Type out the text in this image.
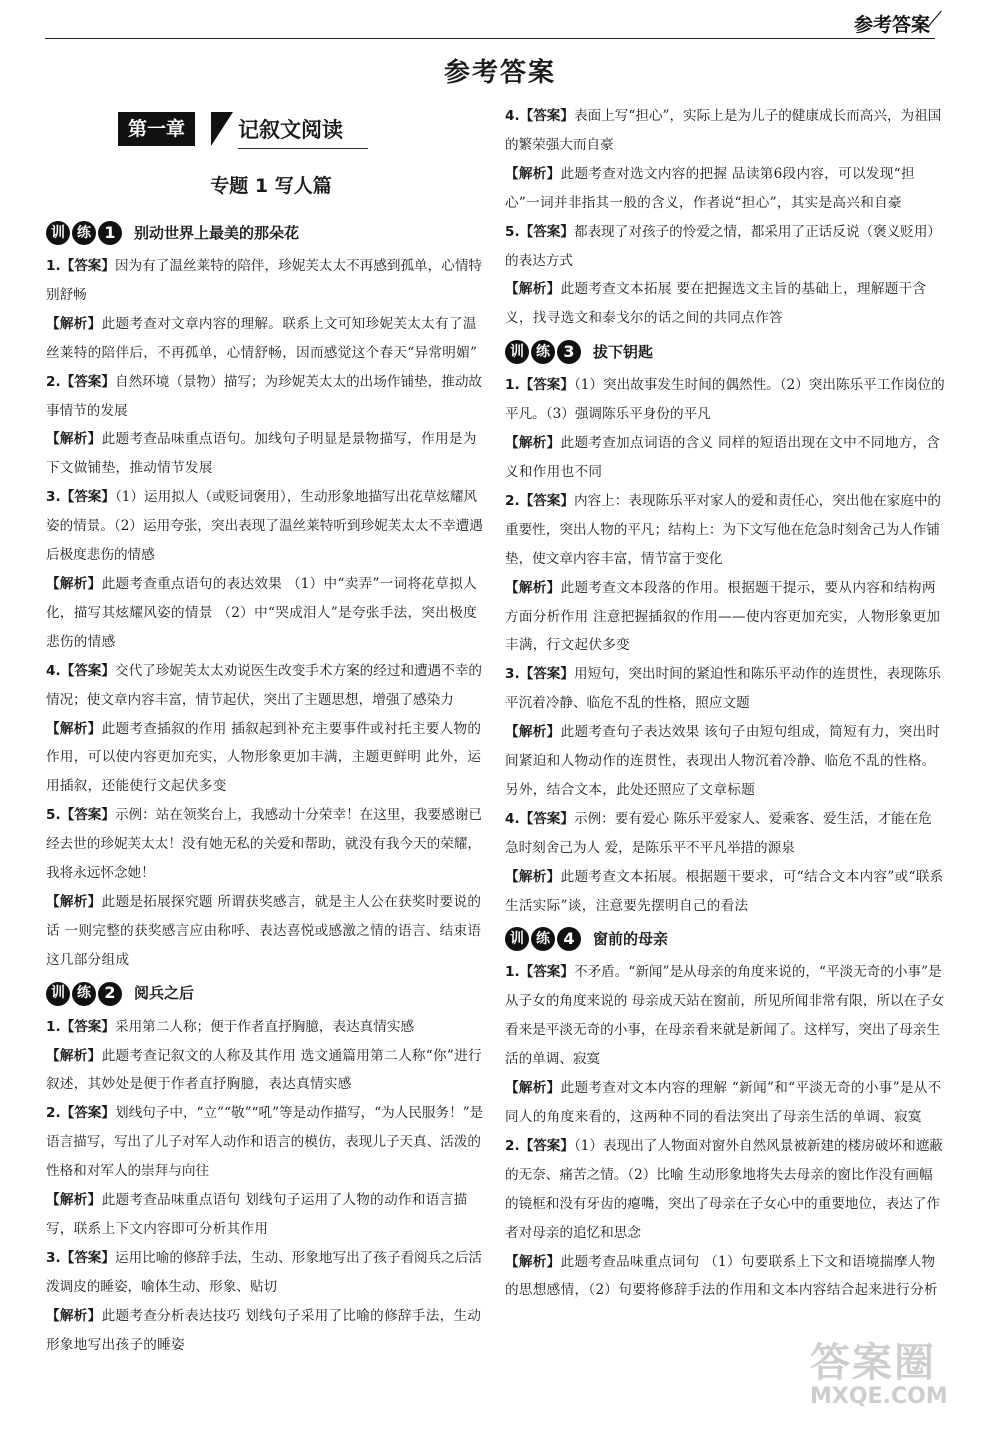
参考答案
⟋
参考答案
第一章	记叙文阅读
专题 1 写人篇
训 练 1	别动世界上最美的那朵花

1.【答案】因为有了温丝莱特的陪伴，珍妮芙太太不再感到孤单，心情特别舒畅

【解析】此题考查对文章内容的理解。联系上文可知珍妮芙太太有了温丝莱特的陪伴后，不再孤单，心情舒畅，因而感觉这个春天“异常明媚”

2.【答案】自然环境（景物）描写；为珍妮芙太太的出场作铺垫，推动故事情节的发展

【解析】此题考查品味重点语句。加线句子明显是景物描写，作用是为下文做铺垫，推动情节发展

3.【答案】（1）运用拟人（或贬词褒用），生动形象地描写出花草炫耀风姿的情景。（2）运用夸张，突出表现了温丝莱特听到珍妮芙太太不幸遭遇后极度悲伤的情感

【解析】此题考查重点语句的表达效果 （1）中“卖弄”一词将花草拟人化，描写其炫耀风姿的情景 （2）中“哭成泪人”是夸张手法，突出极度悲伤的情感

4.【答案】交代了珍妮芙太太劝说医生改变手术方案的经过和遭遇不幸的情况；使文章内容丰富，情节起伏，突出了主题思想，增强了感染力

【解析】此题考查插叙的作用 插叙起到补充主要事件或衬托主要人物的作用，可以使内容更加充实，人物形象更加丰满，主题更鲜明 此外，运用插叙，还能使行文起伏多变

5.【答案】示例：站在领奖台上，我感动十分荣幸！在这里，我要感谢已经去世的珍妮芙太太！没有她无私的关爱和帮助，就没有我今天的荣耀，我将永远怀念她！

【解析】此题是拓展探究题 所谓获奖感言，就是主人公在获奖时要说的话 一则完整的获奖感言应由称呼、表达喜悦或感激之情的语言、结束语这几部分组成

训 练 2	阅兵之后

1.【答案】采用第二人称；便于作者直抒胸臆，表达真情实感

【解析】此题考查记叙文的人称及其作用 选文通篇用第二人称“你”进行叙述，其妙处是便于作者直抒胸臆，表达真情实感

2.【答案】划线句子中，“立”“敬”“吼”等是动作描写，“为人民服务！”是语言描写，写出了儿子对军人动作和语言的模仿，表现儿子天真、活泼的性格和对军人的崇拜与向往

【解析】此题考查品味重点语句 划线句子运用了人物的动作和语言描写，联系上下文内容即可分析其作用

3.【答案】运用比喻的修辞手法，生动、形象地写出了孩子看阅兵之后活泼调皮的睡姿，喻体生动、形象、贴切

【解析】此题考查分析表达技巧 划线句子采用了比喻的修辞手法，生动形象地写出孩子的睡姿

4.【答案】表面上写“担心”，实际上是为儿子的健康成长而高兴，为祖国的繁荣强大而自豪

【解析】此题考查对选文内容的把握 品读第6段内容，可以发现“担心”一词并非指其一般的含义，作者说“担心”，其实是高兴和自豪

5.【答案】都表现了对孩子的怜爱之情，都采用了正话反说（褒义贬用）的表达方式

【解析】此题考查文本拓展 要在把握选文主旨的基础上，理解题干含义，找寻选文和泰戈尔的话之间的共同点作答

训 练 3	拔下钥匙

1.【答案】（1）突出故事发生时间的偶然性。（2）突出陈乐平工作岗位的平凡。（3）强调陈乐平身份的平凡

【解析】此题考查加点词语的含义 同样的短语出现在文中不同地方，含义和作用也不同

2.【答案】内容上：表现陈乐平对家人的爱和责任心，突出他在家庭中的重要性，突出人物的平凡；结构上：为下文写他在危急时刻舍己为人作铺垫，使文章内容丰富，情节富于变化

【解析】此题考查文本段落的作用。根据题干提示，要从内容和结构两方面分析作用 注意把握插叙的作用——使内容更加充实，人物形象更加丰满，行文起伏多变

3.【答案】用短句，突出时间的紧迫性和陈乐平动作的连贯性，表现陈乐平沉着冷静、临危不乱的性格，照应文题

【解析】此题考查句子表达效果 该句子由短句组成，简短有力，突出时间紧迫和人物动作的连贯性，表现出人物沉着冷静、临危不乱的性格。另外，结合文本，此处还照应了文章标题

4.【答案】示例：要有爱心 陈乐平爱家人、爱乘客、爱生活，才能在危急时刻舍己为人 爱，是陈乐平不平凡举措的源泉

【解析】此题考查文本拓展。根据题干要求，可“结合文本内容”或“联系生活实际”谈，注意要先摆明自己的看法

训 练 4	窗前的母亲

1.【答案】不矛盾。“新闻”是从母亲的角度来说的，“平淡无奇的小事”是从子女的角度来说的 母亲成天站在窗前，所见所闻非常有限，所以在子女看来是平淡无奇的小事，在母亲看来就是新闻了。这样写，突出了母亲生活的单调、寂寞

【解析】此题考查对文本内容的理解 “新闻”和“平淡无奇的小事”是从不同人的角度来看的，这两种不同的看法突出了母亲生活的单调、寂寞

2.【答案】（1）表现出了人物面对窗外自然风景被新建的楼房破坏和遮蔽的无奈、痛苦之情。（2）比喻 生动形象地将失去母亲的窗比作没有画幅的镜框和没有牙齿的瘪嘴，突出了母亲在子女心中的重要地位，表达了作者对母亲的追忆和思念

【解析】此题考查品味重点词句 （1）句要联系上下文和语境揣摩人物的思想感情，（2）句要将修辞手法的作用和文本内容结合起来进行分析

答案圈
MXQE.COM
